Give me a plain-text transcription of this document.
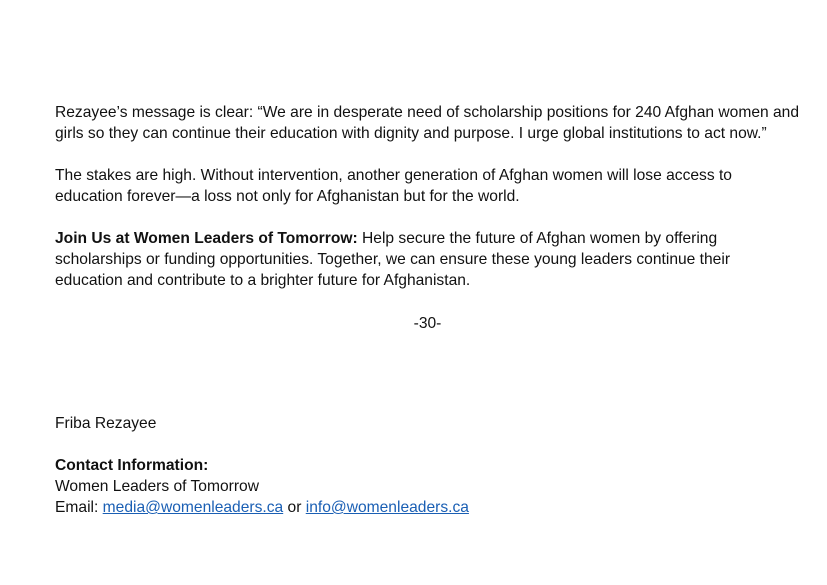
Rezayee’s message is clear: “We are in desperate need of scholarship positions for 240 Afghan women and girls so they can continue their education with dignity and purpose. I urge global institutions to act now.”

The stakes are high. Without intervention, another generation of Afghan women will lose access to education forever—a loss not only for Afghanistan but for the world.

Join Us at Women Leaders of Tomorrow: Help secure the future of Afghan women by offering scholarships or funding opportunities. Together, we can ensure these young leaders continue their education and contribute to a brighter future for Afghanistan.

-30-

Friba Rezayee

Contact Information:

Women Leaders of Tomorrow

Email: media@womenleaders.ca or info@womenleaders.ca
